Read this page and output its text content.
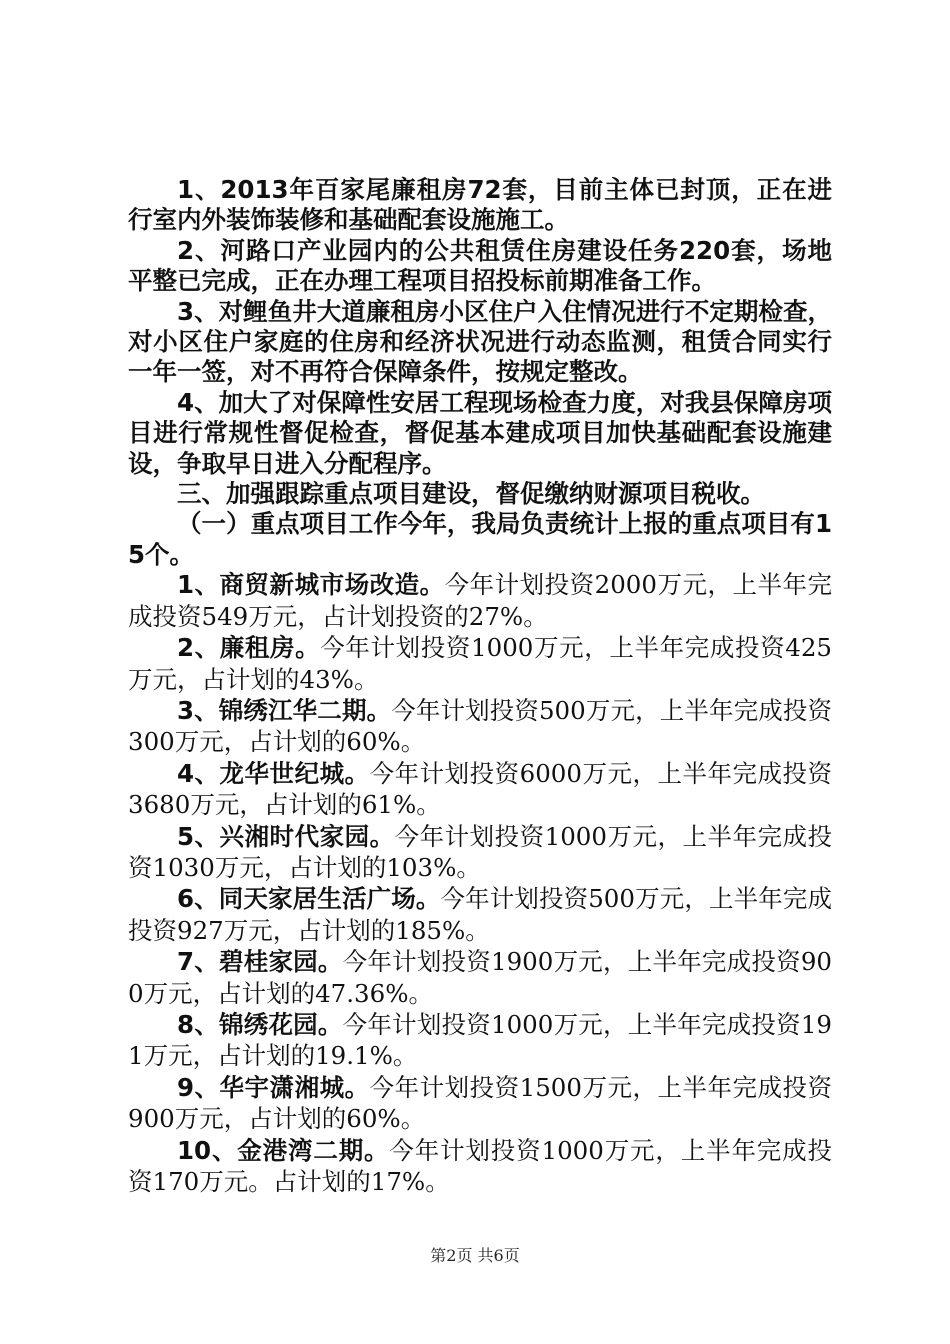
1、2013年百家尾廉租房72套，目前主体已封顶，正在进行室内外装饰装修和基础配套设施施工。

2、河路口产业园内的公共租赁住房建设任务220套，场地平整已完成，正在办理工程项目招投标前期准备工作。

3、对鲤鱼井大道廉租房小区住户入住情况进行不定期检查，对小区住户家庭的住房和经济状况进行动态监测，租赁合同实行一年一签，对不再符合保障条件，按规定整改。

4、加大了对保障性安居工程现场检查力度，对我县保障房项目进行常规性督促检查，督促基本建成项目加快基础配套设施建设，争取早日进入分配程序。

三、加强跟踪重点项目建设，督促缴纳财源项目税收。

（一）重点项目工作今年，我局负责统计上报的重点项目有15个。

1、商贸新城市场改造。今年计划投资2000万元，上半年完成投资549万元，占计划投资的27%。

2、廉租房。今年计划投资1000万元，上半年完成投资425万元，占计划的43%。

3、锦绣江华二期。今年计划投资500万元，上半年完成投资300万元，占计划的60%。

4、龙华世纪城。今年计划投资6000万元，上半年完成投资3680万元，占计划的61%。

5、兴湘时代家园。今年计划投资1000万元，上半年完成投资1030万元，占计划的103%。

6、同天家居生活广场。今年计划投资500万元，上半年完成投资927万元，占计划的185%。

7、碧桂家园。今年计划投资1900万元，上半年完成投资900万元，占计划的47.36%。

8、锦绣花园。今年计划投资1000万元，上半年完成投资191万元，占计划的19.1%。

9、华宇潇湘城。今年计划投资1500万元，上半年完成投资900万元，占计划的60%。

10、金港湾二期。今年计划投资1000万元，上半年完成投资170万元。占计划的17%。

第2页 共6页
